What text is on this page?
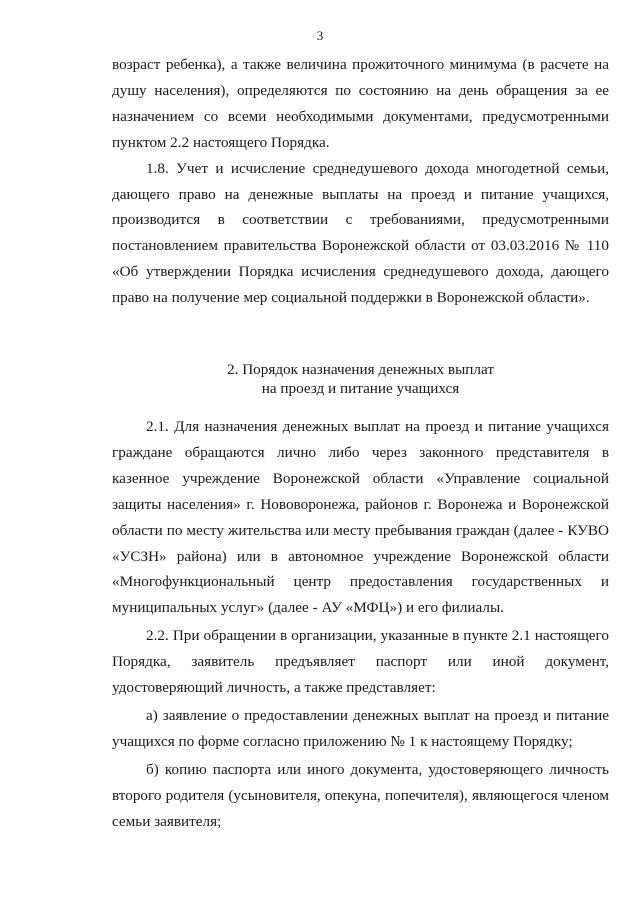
3

возраст ребенка), а также величина прожиточного минимума (в расчете на душу населения), определяются по состоянию на день обращения за ее назначением со всеми необходимыми документами, предусмотренными пунктом 2.2 настоящего Порядка.

1.8. Учет и исчисление среднедушевого дохода многодетной семьи, дающего право на денежные выплаты на проезд и питание учащихся, производится в соответствии с требованиями, предусмотренными постановлением правительства Воронежской области от 03.03.2016 № 110 «Об утверждении Порядка исчисления среднедушевого дохода, дающего право на получение мер социальной поддержки в Воронежской области».

2. Порядок назначения денежных выплат
на проезд и питание учащихся

2.1. Для назначения денежных выплат на проезд и питание учащихся граждане обращаются лично либо через законного представителя в казенное учреждение Воронежской области «Управление социальной защиты населения» г. Нововоронежа, районов г. Воронежа и Воронежской области по месту жительства или месту пребывания граждан (далее - КУВО «УСЗН» района) или в автономное учреждение Воронежской области «Многофункциональный центр предоставления государственных и муниципальных услуг» (далее - АУ «МФЦ») и его филиалы.

2.2. При обращении в организации, указанные в пункте 2.1 настоящего Порядка, заявитель предъявляет паспорт или иной документ, удостоверяющий личность, а также представляет:

а) заявление о предоставлении денежных выплат на проезд и питание учащихся по форме согласно приложению № 1 к настоящему Порядку;

б) копию паспорта или иного документа, удостоверяющего личность второго родителя (усыновителя, опекуна, попечителя), являющегося членом семьи заявителя;
